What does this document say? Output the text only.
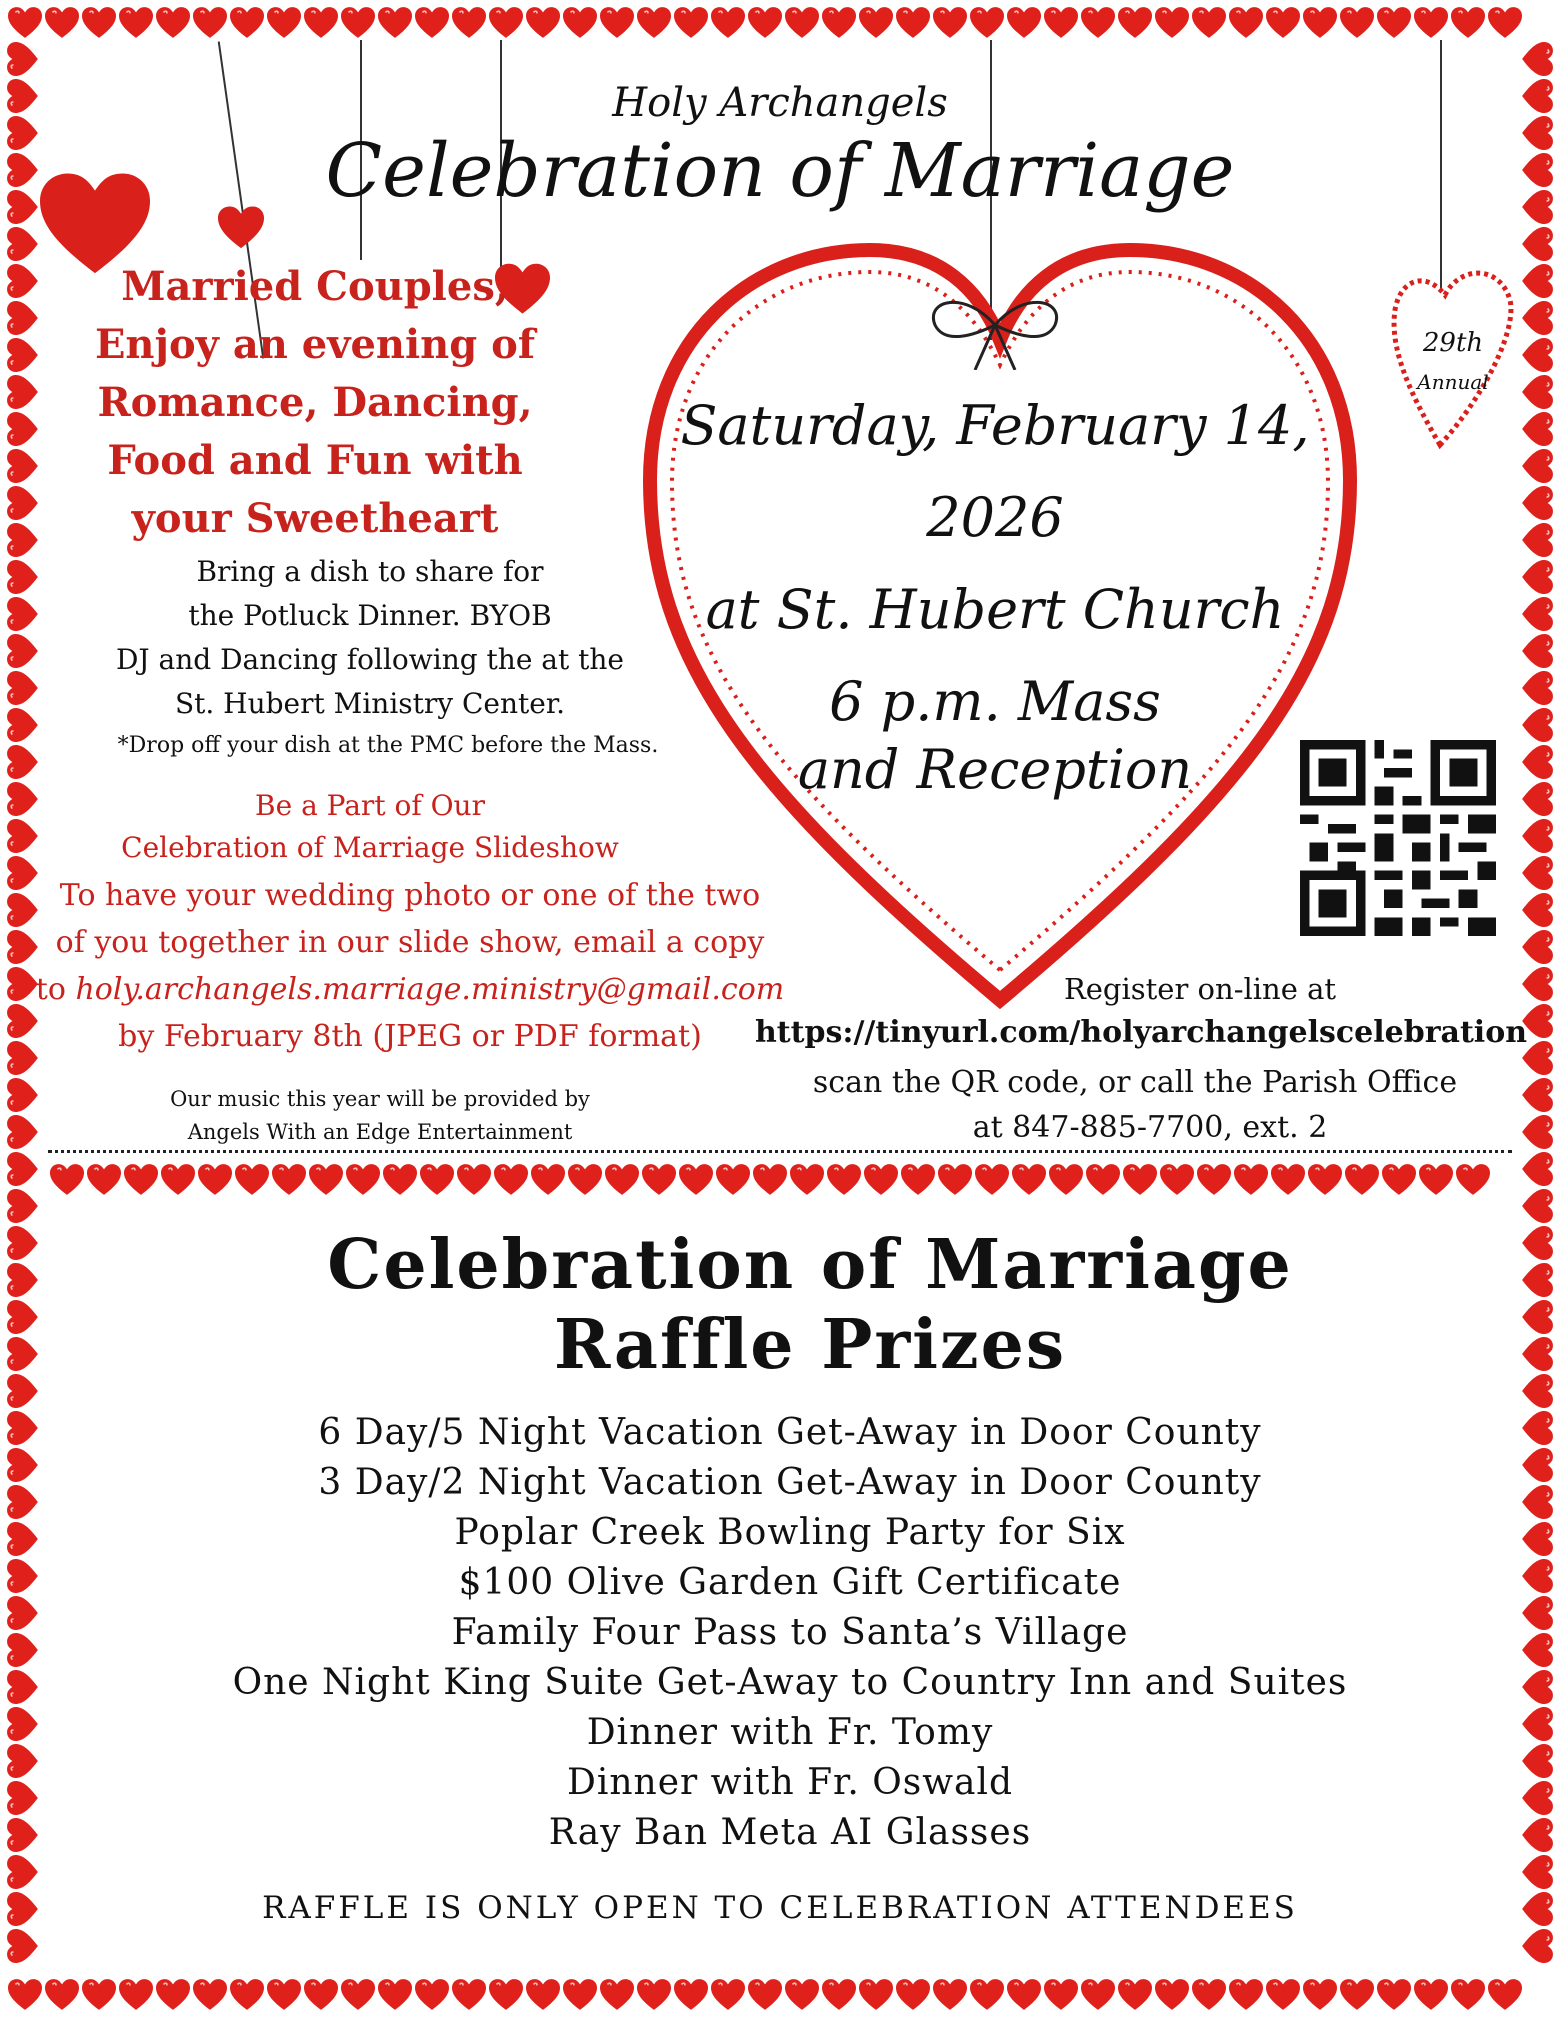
29th
Annual
Holy Archangels
Celebration of Marriage
Married Couples,
Enjoy an evening of
Romance, Dancing,
Food and Fun with
your Sweetheart
Bring a dish to share for
the Potluck Dinner. BYOB
DJ and Dancing following the at the
St. Hubert Ministry Center.
*Drop off your dish at the PMC before the Mass.
Be a Part of Our
Celebration of Marriage Slideshow
To have your wedding photo or one of the two
of you together in our slide show, email a copy
to holy.archangels.marriage.ministry@gmail.com
by February 8th (JPEG or PDF format)
Our music this year will be provided by
Angels With an Edge Entertainment
Saturday, February 14,
2026
at St. Hubert Church
6 p.m. Mass
and Reception
Register on-line at
https://tinyurl.com/holyarchangelscelebration
scan the QR code, or call the Parish Office
at 847-885-7700, ext. 2
Celebration of Marriage
Raffle Prizes
6 Day/5 Night Vacation Get-Away in Door County
3 Day/2 Night Vacation Get-Away in Door County
Poplar Creek Bowling Party for Six
$100 Olive Garden Gift Certificate
Family Four Pass to Santa’s Village
One Night King Suite Get-Away to Country Inn and Suites
Dinner with Fr. Tomy
Dinner with Fr. Oswald
Ray Ban Meta AI Glasses
RAFFLE IS ONLY OPEN TO CELEBRATION ATTENDEES
